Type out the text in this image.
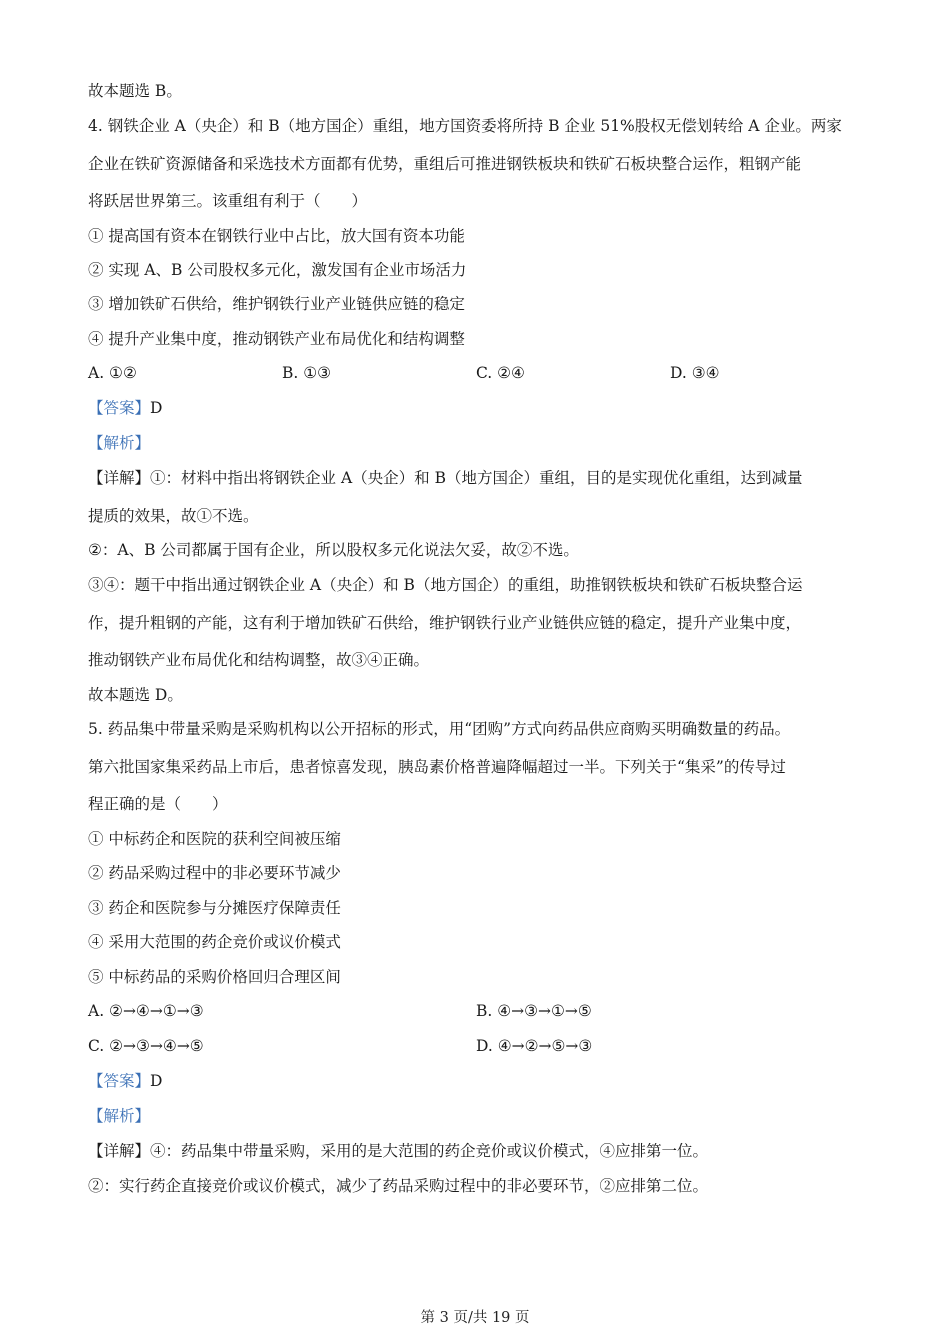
故本题选 B。
4. 钢铁企业 A（央企）和 B（地方国企）重组，地方国资委将所持 B 企业 51%股权无偿划转给 A 企业。两家
企业在铁矿资源储备和采选技术方面都有优势，重组后可推进钢铁板块和铁矿石板块整合运作，粗钢产能
将跃居世界第三。该重组有利于（　　）
① 提高国有资本在钢铁行业中占比，放大国有资本功能
② 实现 A、B 公司股权多元化，激发国有企业市场活力
③ 增加铁矿石供给，维护钢铁行业产业链供应链的稳定
④ 提升产业集中度，推动钢铁产业布局优化和结构调整
A. ①②	B. ①③	C. ②④	D. ③④
【答案】D
【解析】
【详解】①：材料中指出将钢铁企业 A（央企）和 B（地方国企）重组，目的是实现优化重组，达到减量
提质的效果，故①不选。
②：A、B 公司都属于国有企业，所以股权多元化说法欠妥，故②不选。
③④：题干中指出通过钢铁企业 A（央企）和 B（地方国企）的重组，助推钢铁板块和铁矿石板块整合运
作，提升粗钢的产能，这有利于增加铁矿石供给，维护钢铁行业产业链供应链的稳定，提升产业集中度，
推动钢铁产业布局优化和结构调整，故③④正确。
故本题选 D。
5. 药品集中带量采购是采购机构以公开招标的形式，用“团购”方式向药品供应商购买明确数量的药品。
第六批国家集采药品上市后，患者惊喜发现，胰岛素价格普遍降幅超过一半。下列关于“集采”的传导过
程正确的是（　　）
① 中标药企和医院的获利空间被压缩
② 药品采购过程中的非必要环节减少
③ 药企和医院参与分摊医疗保障责任
④ 采用大范围的药企竞价或议价模式
⑤ 中标药品的采购价格回归合理区间
A. ②→④→①→③	B. ④→③→①→⑤
C. ②→③→④→⑤	D. ④→②→⑤→③
【答案】D
【解析】
【详解】④：药品集中带量采购，采用的是大范围的药企竞价或议价模式，④应排第一位。
②：实行药企直接竞价或议价模式，减少了药品采购过程中的非必要环节，②应排第二位。
第 3 页/共 19 页
